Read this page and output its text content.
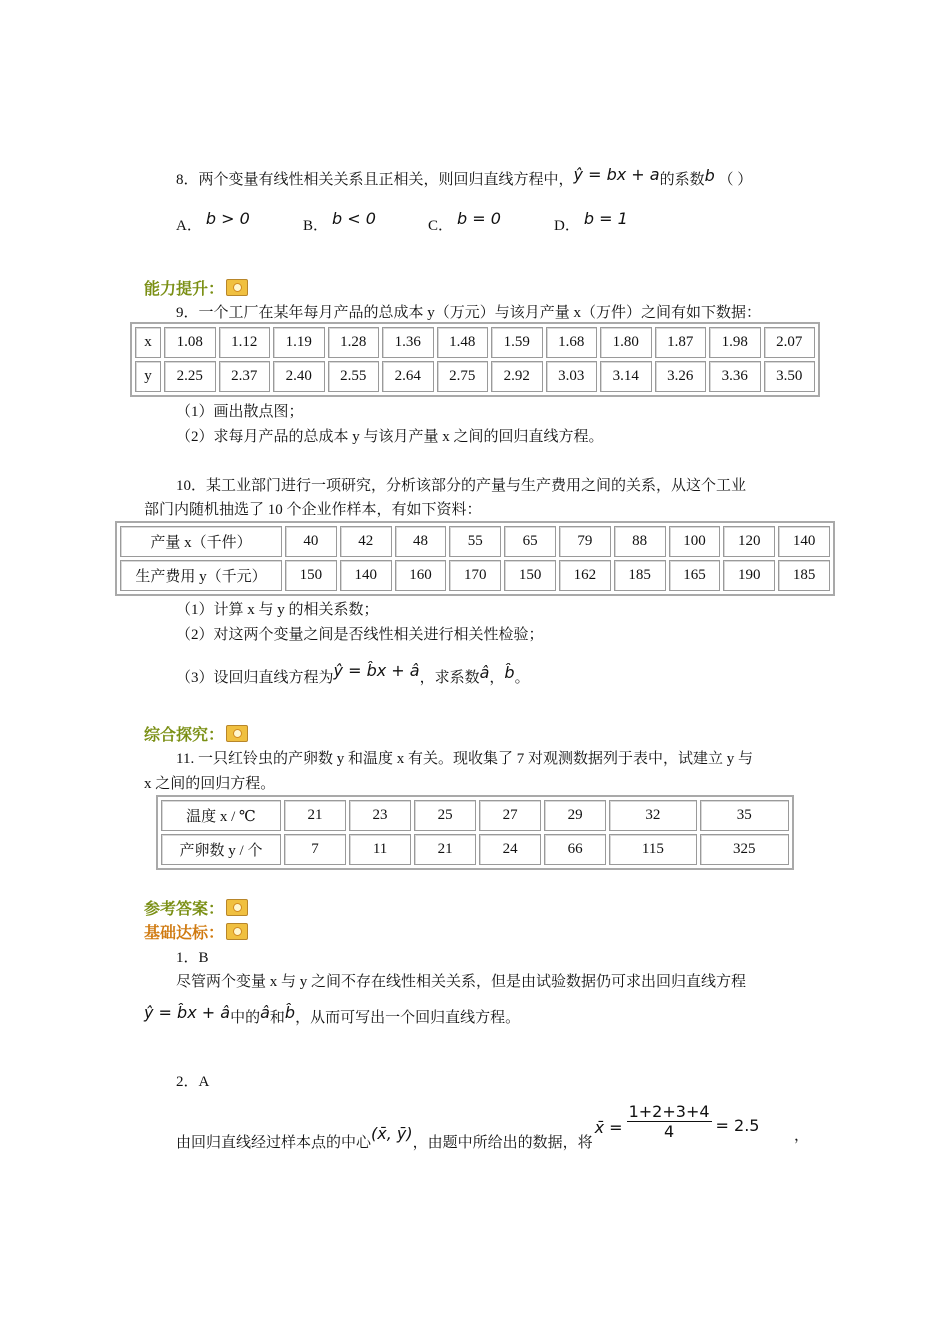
8．两个变量有线性相关关系且正相关，则回归直线方程中，ŷ = bx + a的系数b （ ）
A． b > 0	B． b < 0	C． b = 0	D． b = 1
能力提升：
9．一个工厂在某年每月产品的总成本 y（万元）与该月产量 x（万件）之间有如下数据：
x	1.08	1.12	1.19	1.28	1.36	1.48	1.59	1.68	1.80	1.87	1.98	2.07
y	2.25	2.37	2.40	2.55	2.64	2.75	2.92	3.03	3.14	3.26	3.36	3.50
（1）画出散点图；
（2）求每月产品的总成本 y 与该月产量 x 之间的回归直线方程。
10．某工业部门进行一项研究，分析该部分的产量与生产费用之间的关系，从这个工业
部门内随机抽选了 10 个企业作样本，有如下资料：
产量 x（千件）	40	42	48	55	65	79	88	100	120	140
生产费用 y（千元）	150	140	160	170	150	162	185	165	190	185
（1）计算 x 与 y 的相关系数；
（2）对这两个变量之间是否线性相关进行相关性检验；
（3）设回归直线方程为ŷ = b̂x + â，求系数â，b̂。
综合探究：
11. 一只红铃虫的产卵数 y 和温度 x 有关。现收集了 7 对观测数据列于表中，试建立 y 与
x 之间的回归方程。
温度 x / ℃	21	23	25	27	29	32	35
产卵数 y / 个	7	11	21	24	66	115	325
参考答案：
基础达标：
1．B
尽管两个变量 x 与 y 之间不存在线性相关关系，但是由试验数据仍可求出回归直线方程
ŷ = b̂x + â中的â和b̂，从而可写出一个回归直线方程。
2．A
由回归直线经过样本点的中心(x̄, ȳ)，由题中所给出的数据，将x̄ = $\frac{1+2+3+4}{4} = 2.5$
，
